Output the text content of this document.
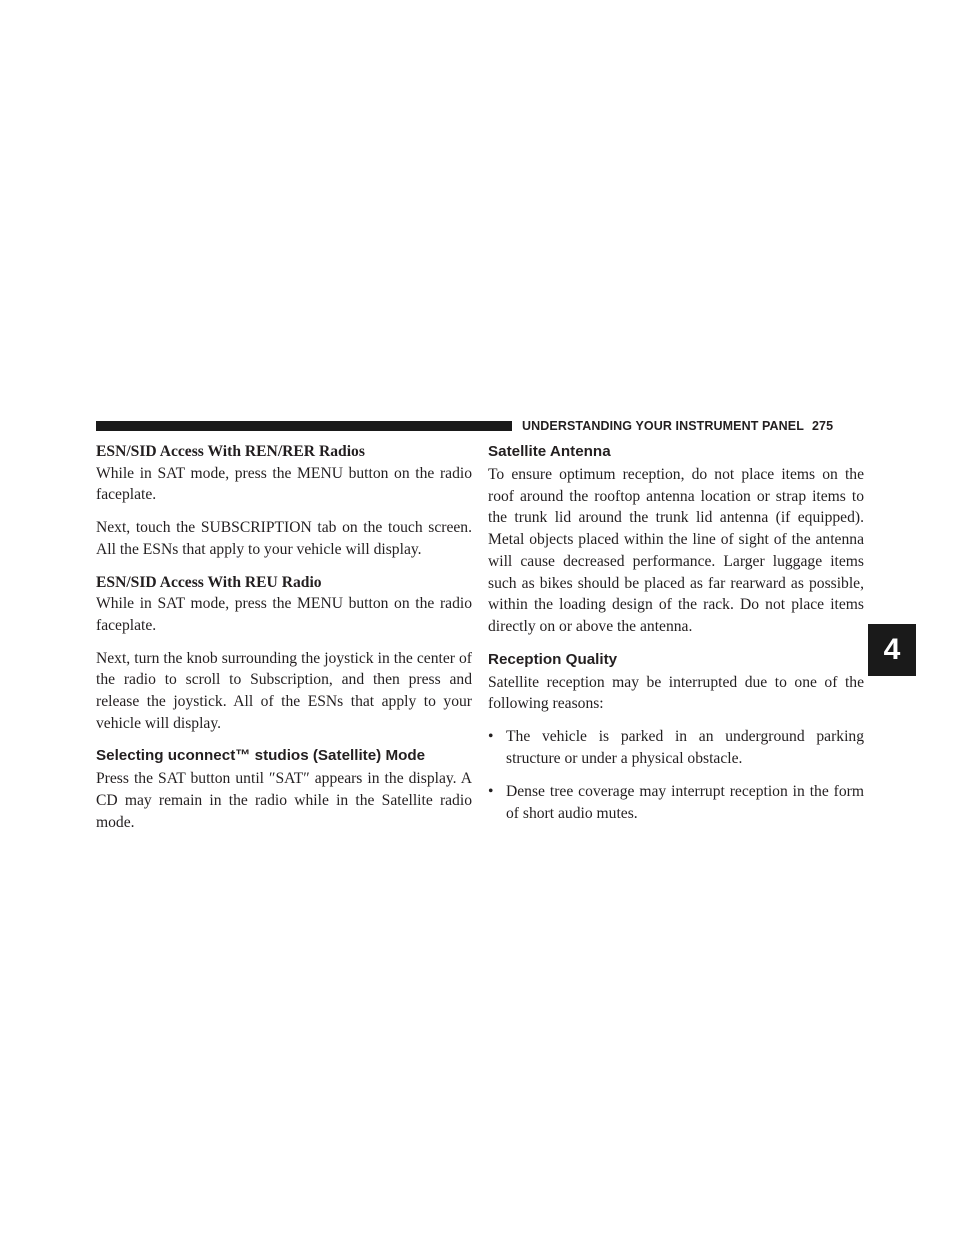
UNDERSTANDING YOUR INSTRUMENT PANEL 275
4
ESN/SID Access With REN/RER Radios

While in SAT mode, press the MENU button on the radio faceplate.

Next, touch the SUBSCRIPTION tab on the touch screen. All the ESNs that apply to your vehicle will display.

ESN/SID Access With REU Radio

While in SAT mode, press the MENU button on the radio faceplate.

Next, turn the knob surrounding the joystick in the center of the radio to scroll to Subscription, and then press and release the joystick. All of the ESNs that apply to your vehicle will display.

Selecting uconnect™ studios (Satellite) Mode

Press the SAT button until ″SAT″ appears in the display. A CD may remain in the radio while in the Satellite radio mode.

Satellite Antenna

To ensure optimum reception, do not place items on the roof around the rooftop antenna location or strap items to the trunk lid around the trunk lid antenna (if equipped). Metal objects placed within the line of sight of the antenna will cause decreased performance. Larger luggage items such as bikes should be placed as far rearward as possible, within the loading design of the rack. Do not place items directly on or above the antenna.

Reception Quality

Satellite reception may be interrupted due to one of the following reasons:

• The vehicle is parked in an underground parking structure or under a physical obstacle.
• Dense tree coverage may interrupt reception in the form of short audio mutes.
